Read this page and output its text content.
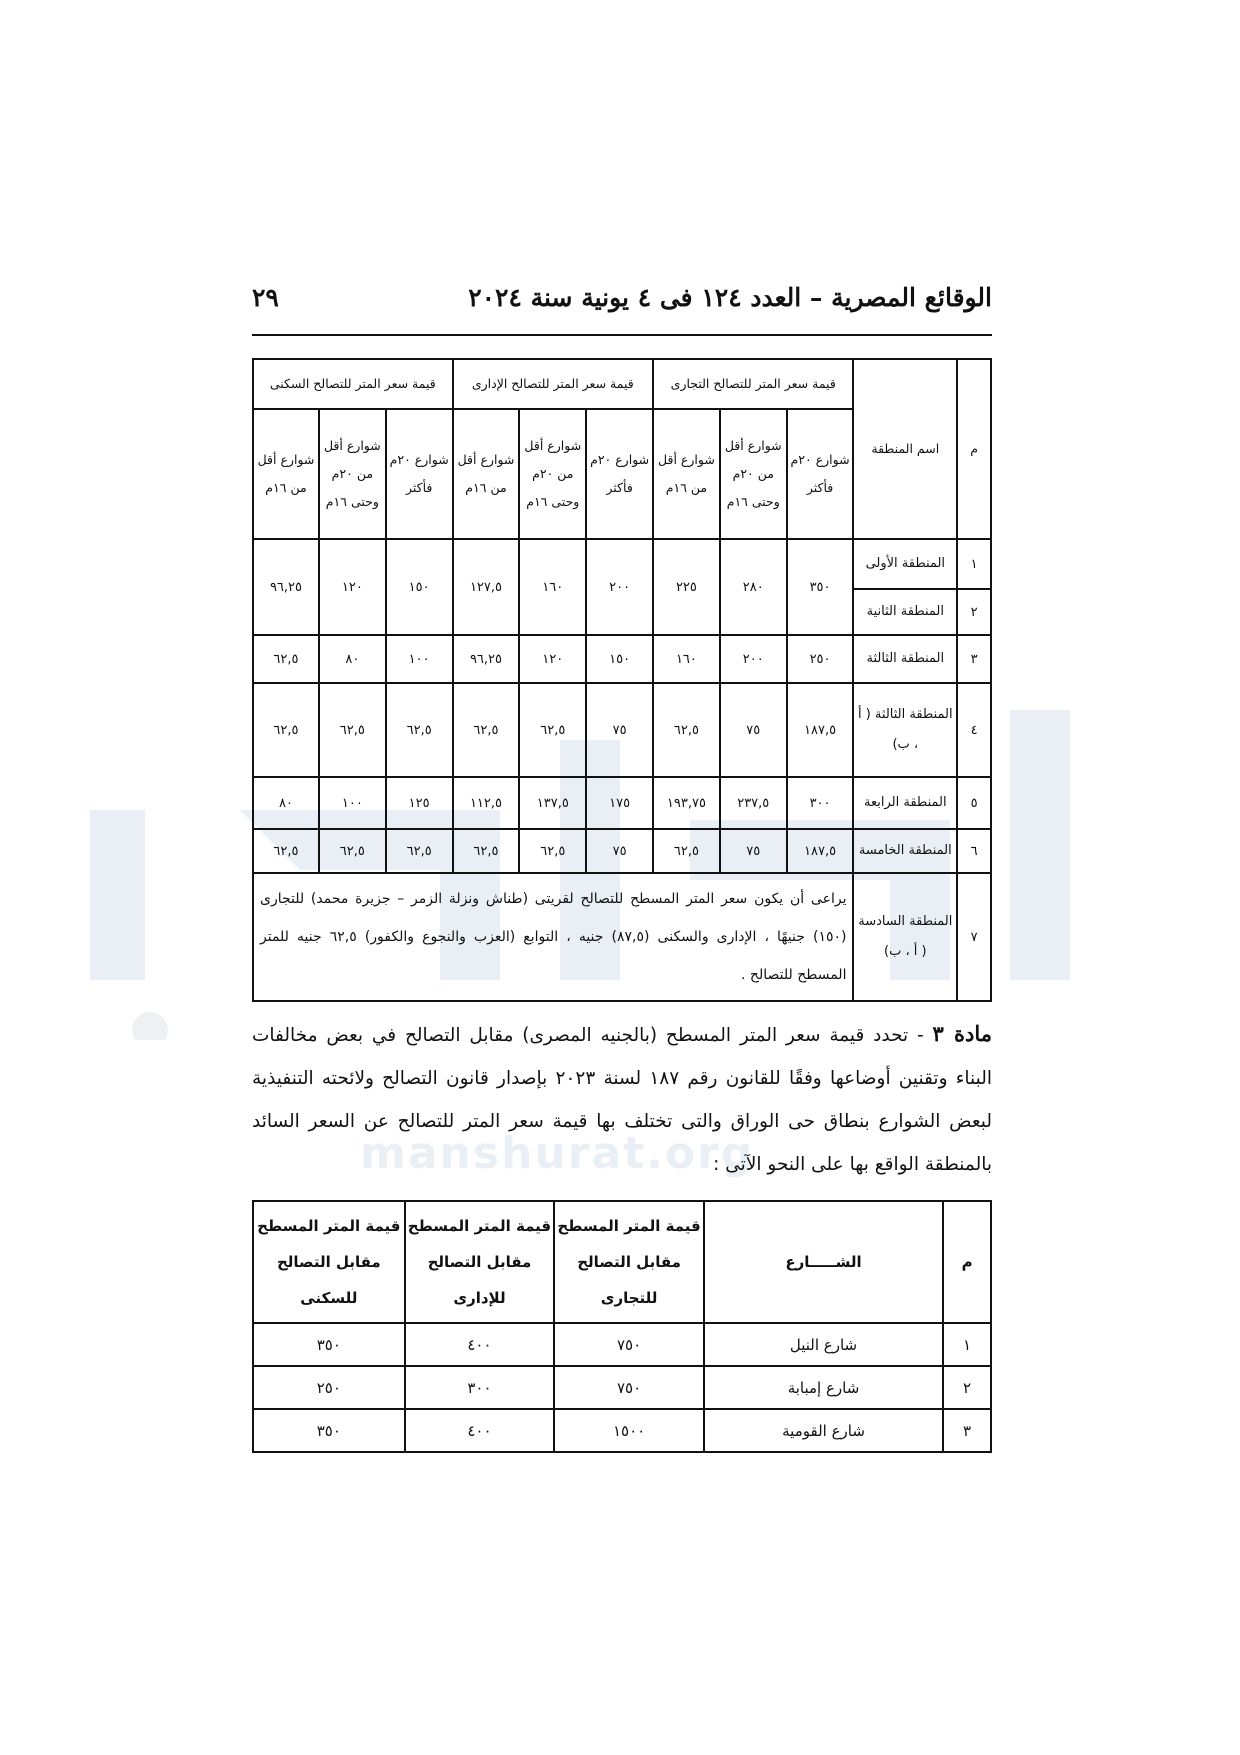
manshurat.org
الوقائع المصرية – العدد ١٢٤ فى ٤ يونية سنة ٢٠٢٤
٢٩
م	اسم المنطقة	قيمة سعر المتر للتصالح التجارى			قيمة سعر المتر للتصالح الإدارى			قيمة سعر المتر للتصالح السكنى		
		شوارع ٢٠م فأكثر	شوارع أقل من ٢٠م وحتى ١٦م	شوارع أقل من ١٦م	شوارع ٢٠م فأكثر	شوارع أقل من ٢٠م وحتى ١٦م	شوارع أقل من ١٦م	شوارع ٢٠م فأكثر	شوارع أقل من ٢٠م وحتى ١٦م	شوارع أقل من ١٦م
١	المنطقة الأولى	٣٥٠	٢٨٠	٢٢٥	٢٠٠	١٦٠	١٢٧,٥	١٥٠	١٢٠	٩٦,٢٥
٢	المنطقة الثانية									
٣	المنطقة الثالثة	٢٥٠	٢٠٠	١٦٠	١٥٠	١٢٠	٩٦,٢٥	١٠٠	٨٠	٦٢,٥
٤	المنطقة الثالثة ( أ ، ب)	١٨٧,٥	٧٥	٦٢,٥	٧٥	٦٢,٥	٦٢,٥	٦٢,٥	٦٢,٥	٦٢,٥
٥	المنطقة الرابعة	٣٠٠	٢٣٧,٥	١٩٣,٧٥	١٧٥	١٣٧,٥	١١٢,٥	١٢٥	١٠٠	٨٠
٦	المنطقة الخامسة	١٨٧,٥	٧٥	٦٢,٥	٧٥	٦٢,٥	٦٢,٥	٦٢,٥	٦٢,٥	٦٢,٥
٧	المنطقة السادسة ( أ ، ب)	يراعى أن يكون سعر المتر المسطح للتصالح لقريتى (طناش ونزلة الزمر – جزيرة محمد) للتجارى (١٥٠) جنيهًا ، الإدارى والسكنى (٨٧,٥) جنيه ، التوابع (العزب والنجوع والكفور) ٦٢,٥ جنيه للمتر المسطح للتصالح .								
مادة ٣ - تحدد قيمة سعر المتر المسطح (بالجنيه المصرى) مقابل التصالح في بعض مخالفات البناء وتقنين أوضاعها وفقًا للقانون رقم ١٨٧ لسنة ٢٠٢٣ بإصدار قانون التصالح ولائحته التنفيذية لبعض الشوارع بنطاق حى الوراق والتى تختلف بها قيمة سعر المتر للتصالح عن السعر السائد بالمنطقة الواقع بها على النحو الآتى :
م	الشـــــارع	قيمة المتر المسطح مقابل التصالح للتجارى	قيمة المتر المسطح مقابل التصالح للإدارى	قيمة المتر المسطح مقابل التصالح للسكنى
١	شارع النيل	٧٥٠	٤٠٠	٣٥٠
٢	شارع إمبابة	٧٥٠	٣٠٠	٢٥٠
٣	شارع القومية	١٥٠٠	٤٠٠	٣٥٠
